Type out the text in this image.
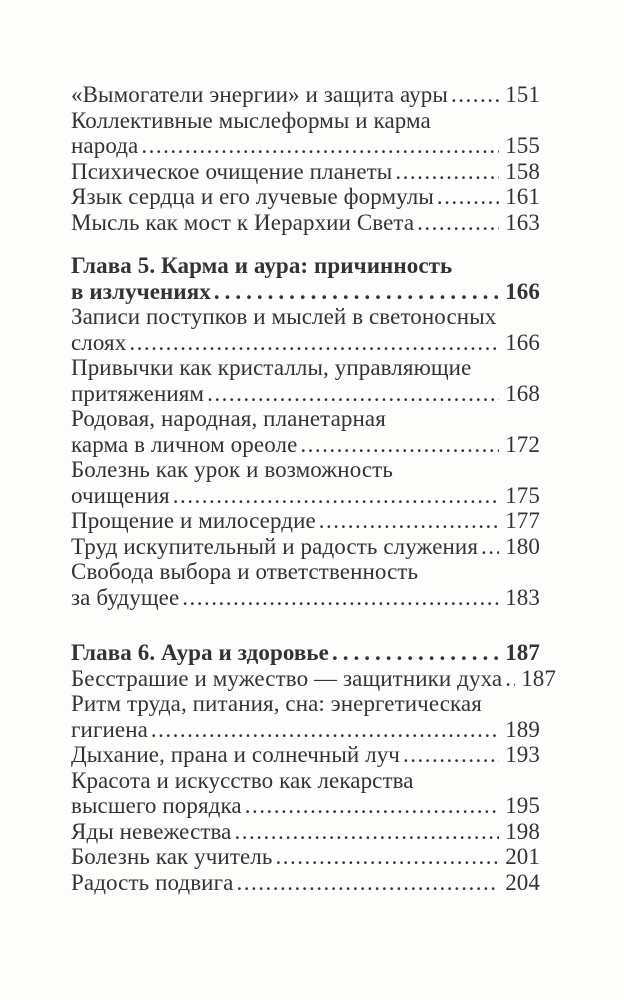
«Вымогатели энергии» и защита ауры ..... 151
Коллективные мыслеформы и карма
народа .....	155
Психическое очищение планеты .....	158
Язык сердца и его лучевые формулы .....	161
Мысль как мост к Иерархии Света .....	163
Глава 5. Карма и аура: причинность
в излучениях .....	166
Записи поступков и мыслей в светоносных
слоях .....	166
Привычки как кристаллы, управляющие
притяжениям .....	168
Родовая, народная, планетарная
карма в личном ореоле .....	172
Болезнь как урок и возможность
очищения .....	175
Прощение и милосердие .....	177
Труд искупительный и радость служения ..... 180
Свобода выбора и ответственность
за будущее .....	183
Глава 6. Аура и здоровье .....	187
Бесстрашие и мужество — защитники духа ..... 187
Ритм труда, питания, сна: энергетическая
гигиена .....	189
Дыхание, прана и солнечный луч .....	193
Красота и искусство как лекарства
высшего порядка .....	195
Яды невежества .....	198
Болезнь как учитель .....	201
Радость подвига .....	204
